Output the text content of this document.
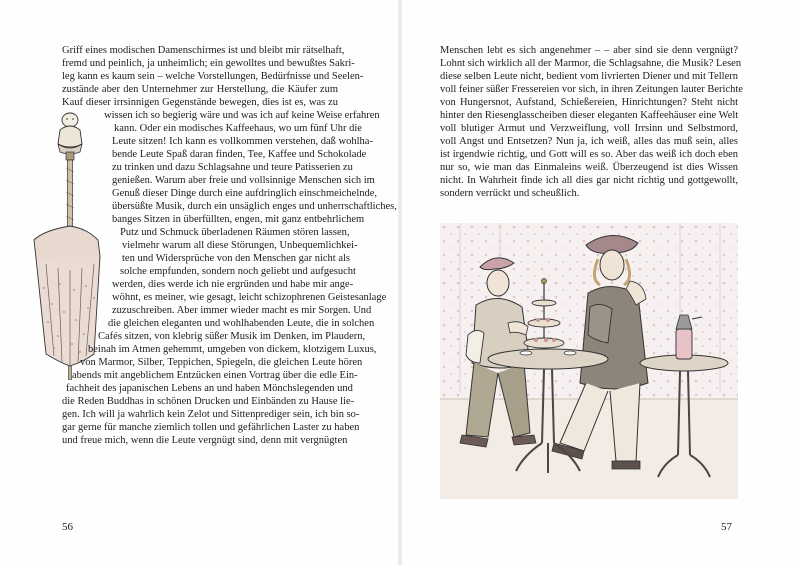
Griff eines modischen Damenschirmes ist und bleibt mir rätselhaft,
fremd und peinlich, ja unheimlich; ein gewolltes und bewußtes Sakri-
leg kann es kaum sein – welche Vorstellungen, Bedürfnisse und Seelen-
zustände aber den Unternehmer zur Herstellung, die Käufer zum
Kauf dieser irrsinnigen Gegenstände bewegen, dies ist es, was zu
wissen ich so begierig wäre und was ich auf keine Weise erfahren
kann. Oder ein modisches Kaffeehaus, wo um fünf Uhr die
Leute sitzen! Ich kann es vollkommen verstehen, daß wohlha-
bende Leute Spaß daran finden, Tee, Kaffee und Schokolade
zu trinken und dazu Schlagsahne und teure Patisserien zu
genießen. Warum aber freie und vollsinnige Menschen sich im
Genuß dieser Dinge durch eine aufdringlich einschmeichelnde,
übersüßte Musik, durch ein unsäglich enges und unherrschaftliches,
banges Sitzen in überfüllten, engen, mit ganz entbehrlichem
Putz und Schmuck überladenen Räumen stören lassen,
vielmehr warum all diese Störungen, Unbequemlichkei-
ten und Widersprüche von den Menschen gar nicht als
solche empfunden, sondern noch geliebt und aufgesucht
werden, dies werde ich nie ergründen und habe mir ange-
wöhnt, es meiner, wie gesagt, leicht schizophrenen Geistesanlage
zuzuschreiben. Aber immer wieder macht es mir Sorgen. Und
die gleichen eleganten und wohlhabenden Leute, die in solchen
Cafés sitzen, von klebrig süßer Musik im Denken, im Plaudern,
beinah im Atmen gehemmt, umgeben von dickem, klotzigem Luxus,
von Marmor, Silber, Teppichen, Spiegeln, die gleichen Leute hören
abends mit angeblichem Entzücken einen Vortrag über die edle Ein-
fachheit des japanischen Lebens an und haben Mönchslegenden und
die Reden Buddhas in schönen Drucken und Einbänden zu Hause lie-
gen. Ich will ja wahrlich kein Zelot und Sittenprediger sein, ich bin so-
gar gerne für manche ziemlich tollen und gefährlichen Laster zu haben
und freue mich, wenn die Leute vergnügt sind, denn mit vergnügten
56
Menschen lebt es sich angenehmer – – aber sind sie denn vergnügt?
Lohnt sich wirklich all der Marmor, die Schlagsahne, die Musik? Lesen
diese selben Leute nicht, bedient vom livrierten Diener und mit Tellern
voll feiner süßer Fressereien vor sich, in ihren Zeitungen lauter Berichte
von Hungersnot, Aufstand, Schießereien, Hinrichtungen? Steht nicht
hinter den Riesenglasscheiben dieser eleganten Kaffeehäuser eine Welt
voll blutiger Armut und Verzweiflung, voll Irrsinn und Selbstmord,
voll Angst und Entsetzen? Nun ja, ich weiß, alles das muß sein, alles
ist irgendwie richtig, und Gott will es so. Aber das weiß ich doch eben
nur so, wie man das Einmaleins weiß. Überzeugend ist dies Wissen
nicht. In Wahrheit finde ich all dies gar nicht richtig und gottgewollt,
sondern verrückt und scheußlich.
57
